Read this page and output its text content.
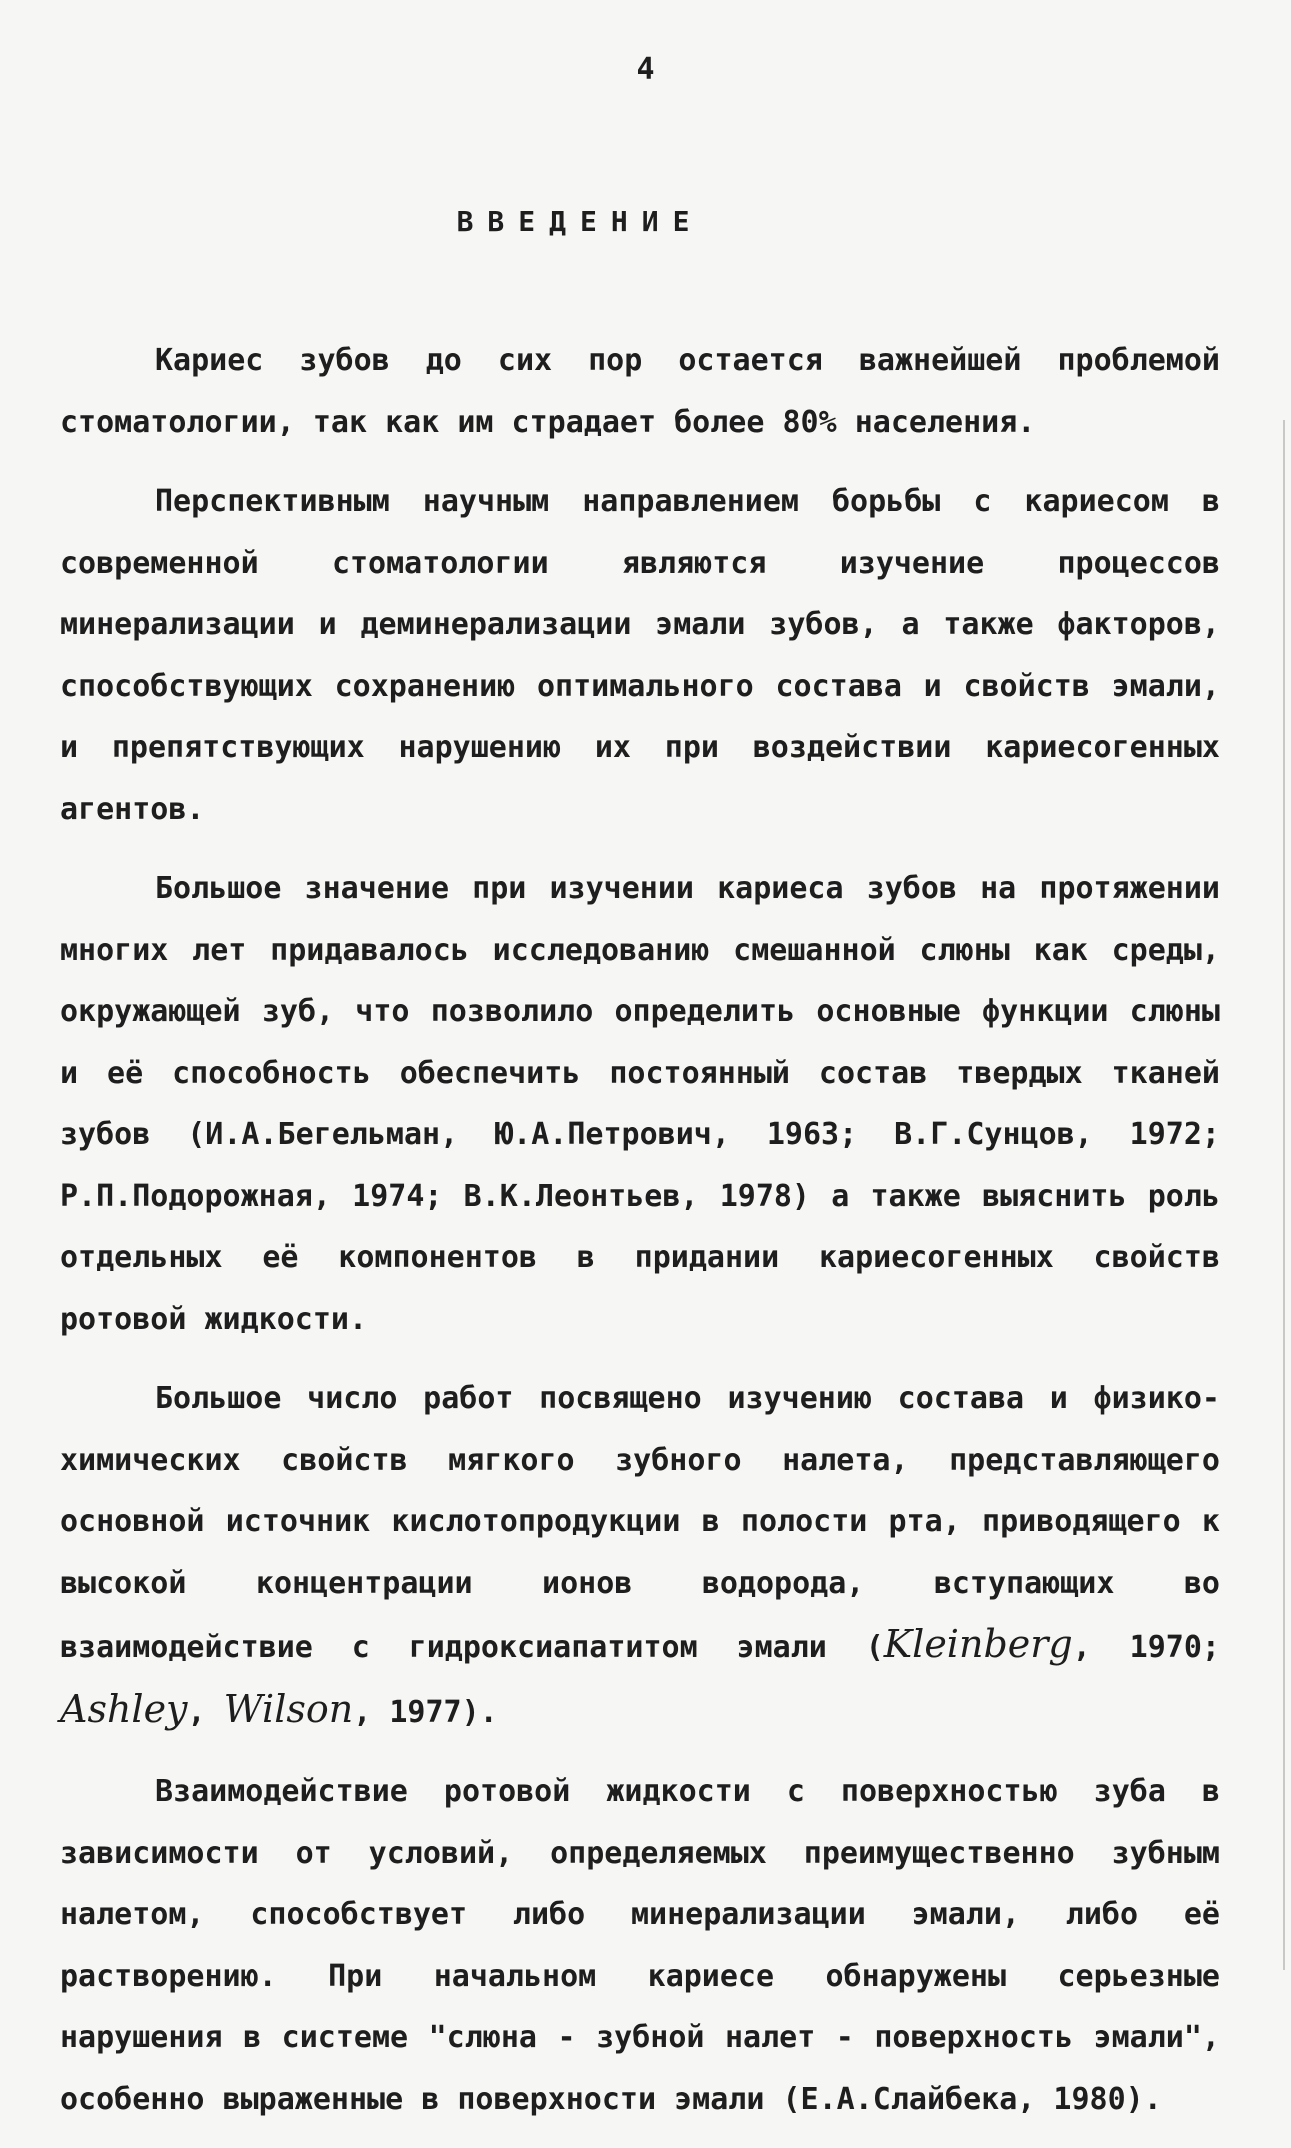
4
ВВЕДЕНИЕ

Кариес зубов до сих пор остается важнейшей проблемой стоматологии, так как им страдает более 80% населения.

Перспективным научным направлением борьбы с кариесом в современной стоматологии являются изучение процессов минерализации и деминерализации эмали зубов, а также факторов, способствующих сохранению оптимального состава и свойств эмали, и препятствующих нарушению их при воздействии кариесогенных агентов.

Большое значение при изучении кариеса зубов на протяжении многих лет придавалось исследованию смешанной слюны как среды, окружающей зуб, что позволило определить основные функции слюны и её способность обеспечить постоянный состав твердых тканей зубов (И.А.Бегельман, Ю.А.Петрович, 1963; В.Г.Сунцов, 1972; Р.П.Подорожная, 1974; В.К.Леонтьев, 1978) а также выяснить роль отдельных её компонентов в придании кариесогенных свойств ротовой жидкости.

Большое число работ посвящено изучению состава и физико-химических свойств мягкого зубного налета, представляющего основной источник кислотопродукции в полости рта, приводящего к высокой концентрации ионов водорода, вступающих во взаимодействие с гидроксиапатитом эмали (Kleinberg, 1970; Ashley, Wilson, 1977).

Взаимодействие ротовой жидкости с поверхностью зуба в зависимости от условий, определяемых преимущественно зубным налетом, способствует либо минерализации эмали, либо её растворению. При начальном кариесе обнаружены серьезные нарушения в системе "слюна - зубной налет - поверхность эмали", особенно выраженные в поверхности эмали (Е.А.Слайбека, 1980).
